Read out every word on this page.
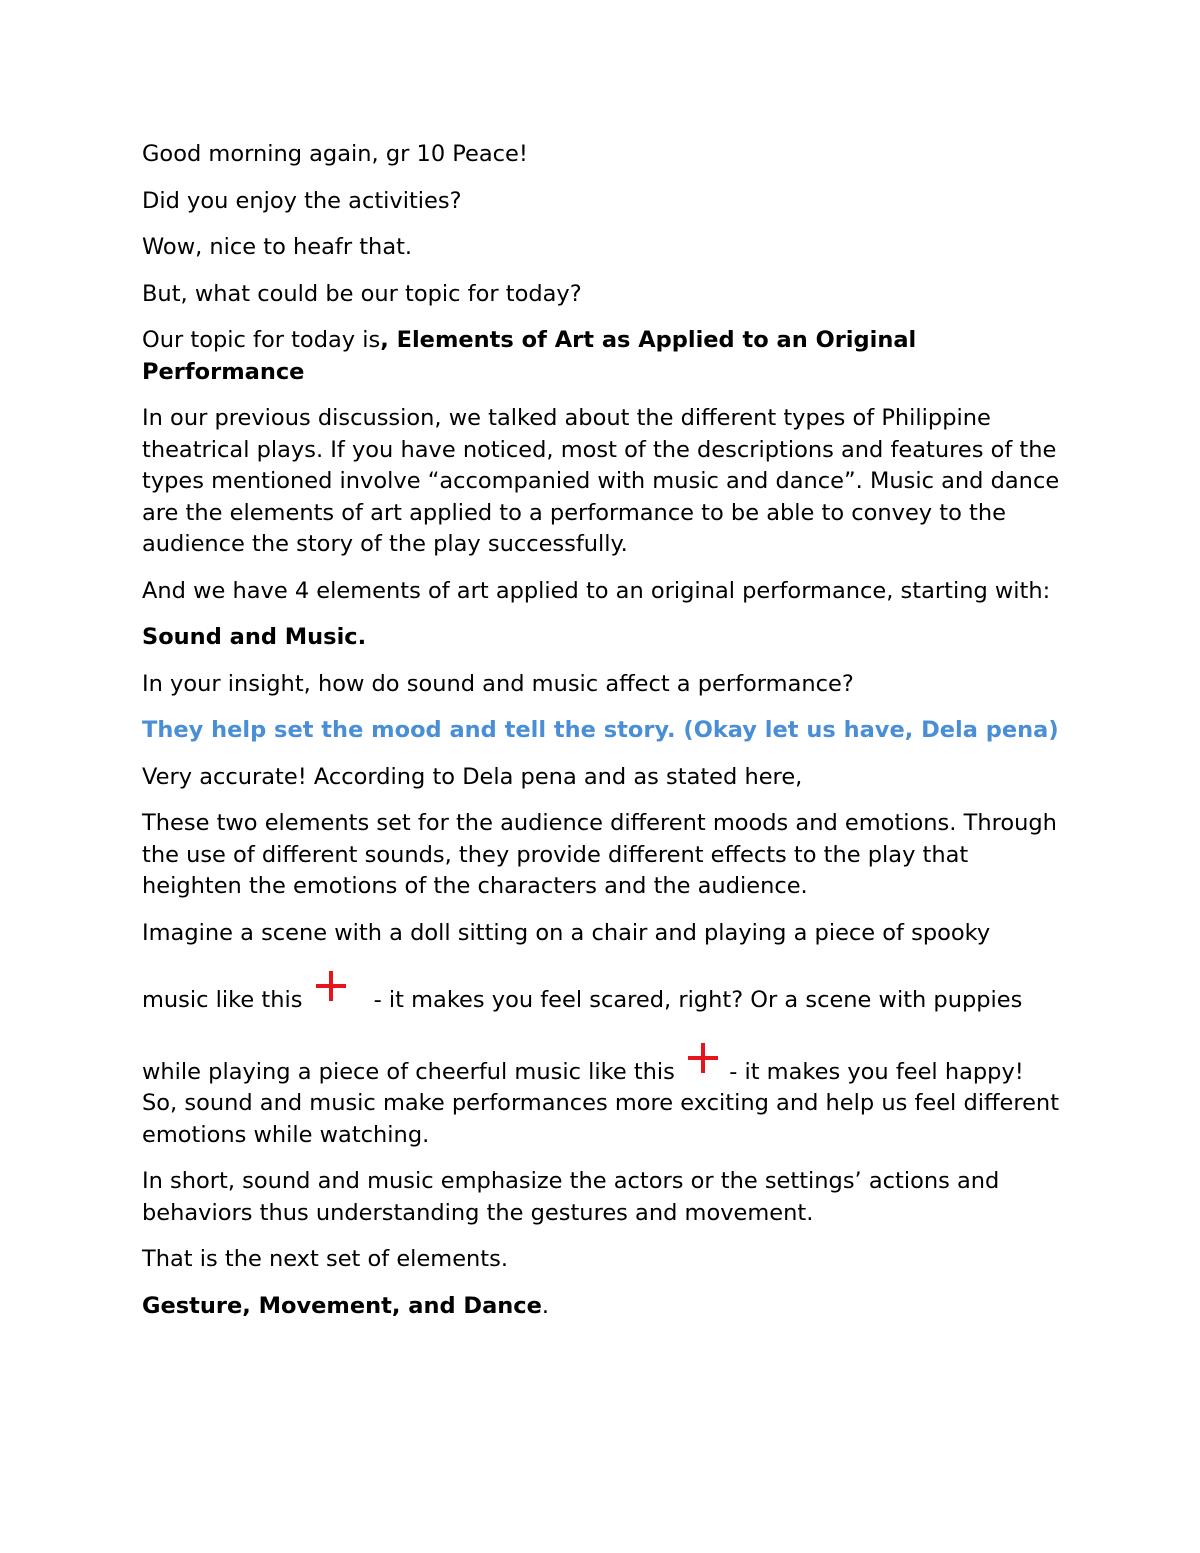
Good morning again, gr 10 Peace!

Did you enjoy the activities?

Wow, nice to heafr that.

But, what could be our topic for today?

Our topic for today is, Elements of Art as Applied to an Original Performance

In our previous discussion, we talked about the different types of Philippine theatrical plays. If you have noticed, most of the descriptions and features of the types mentioned involve “accompanied with music and dance”. Music and dance are the elements of art applied to a performance to be able to convey to the audience the story of the play successfully.

And we have 4 elements of art applied to an original performance, starting with:

Sound and Music.

In your insight, how do sound and music affect a performance?

They help set the mood and tell the story. (Okay let us have, Dela pena)

Very accurate! According to Dela pena and as stated here,

These two elements set for the audience different moods and emotions. Through the use of different sounds, they provide different effects to the play that heighten the emotions of the characters and the audience.

Imagine a scene with a doll sitting on a chair and playing a piece of spooky
music like this	- it makes you feel scared, right? Or a scene with puppies
while playing a piece of cheerful music like this - it makes you feel happy!

So, sound and music make performances more exciting and help us feel different emotions while watching.

In short, sound and music emphasize the actors or the settings’ actions and behaviors thus understanding the gestures and movement.

That is the next set of elements.

Gesture, Movement, and Dance.
